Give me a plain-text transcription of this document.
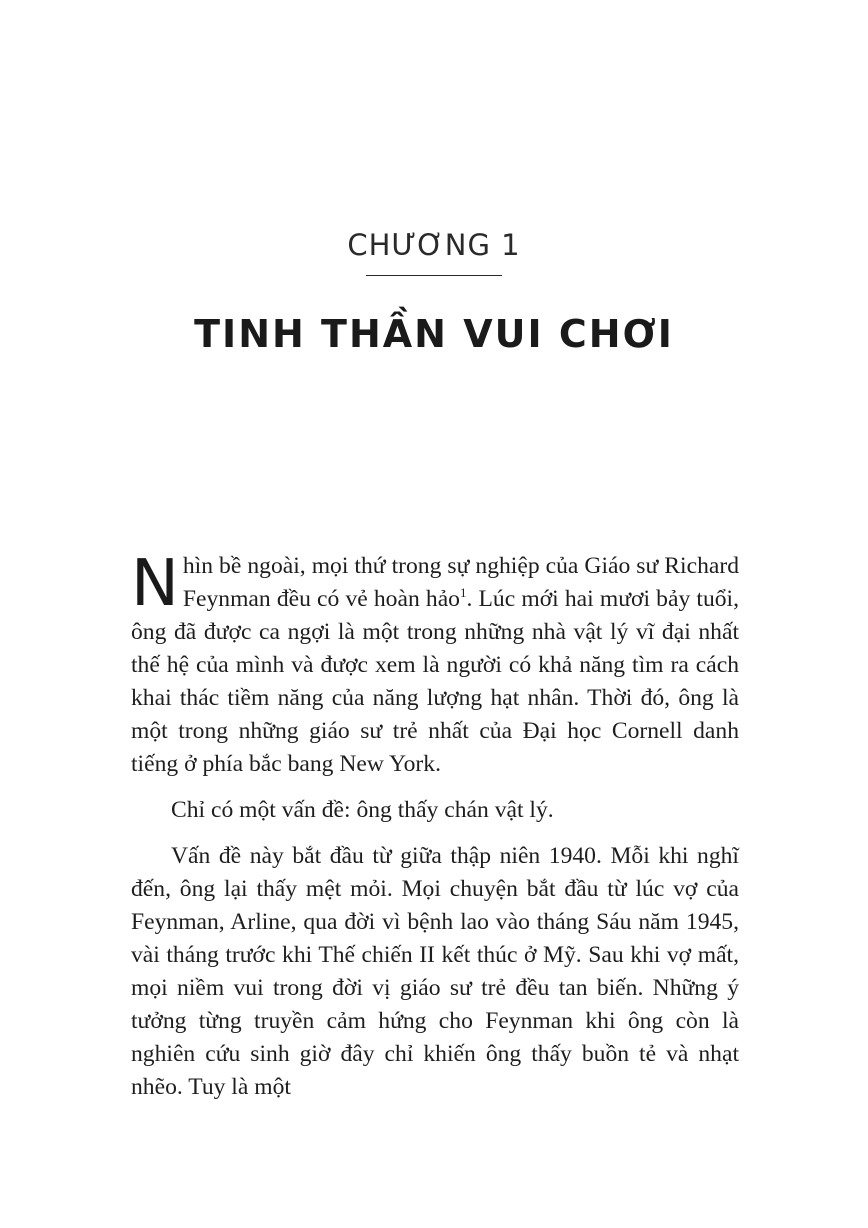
CHƯƠNG 1
TINH THẦN VUI CHƠI

Nhìn bề ngoài, mọi thứ trong sự nghiệp của Giáo sư Richard Feynman đều có vẻ hoàn hảo$^1$. Lúc mới hai mươi bảy tuổi, ông đã được ca ngợi là một trong những nhà vật lý vĩ đại nhất thế hệ của mình và được xem là người có khả năng tìm ra cách khai thác tiềm năng của năng lượng hạt nhân. Thời đó, ông là một trong những giáo sư trẻ nhất của Đại học Cornell danh tiếng ở phía bắc bang New York.

Chỉ có một vấn đề: ông thấy chán vật lý.

Vấn đề này bắt đầu từ giữa thập niên 1940. Mỗi khi nghĩ đến, ông lại thấy mệt mỏi. Mọi chuyện bắt đầu từ lúc vợ của Feynman, Arline, qua đời vì bệnh lao vào tháng Sáu năm 1945, vài tháng trước khi Thế chiến II kết thúc ở Mỹ. Sau khi vợ mất, mọi niềm vui trong đời vị giáo sư trẻ đều tan biến. Những ý tưởng từng truyền cảm hứng cho Feynman khi ông còn là nghiên cứu sinh giờ đây chỉ khiến ông thấy buồn tẻ và nhạt nhẽo. Tuy là một
